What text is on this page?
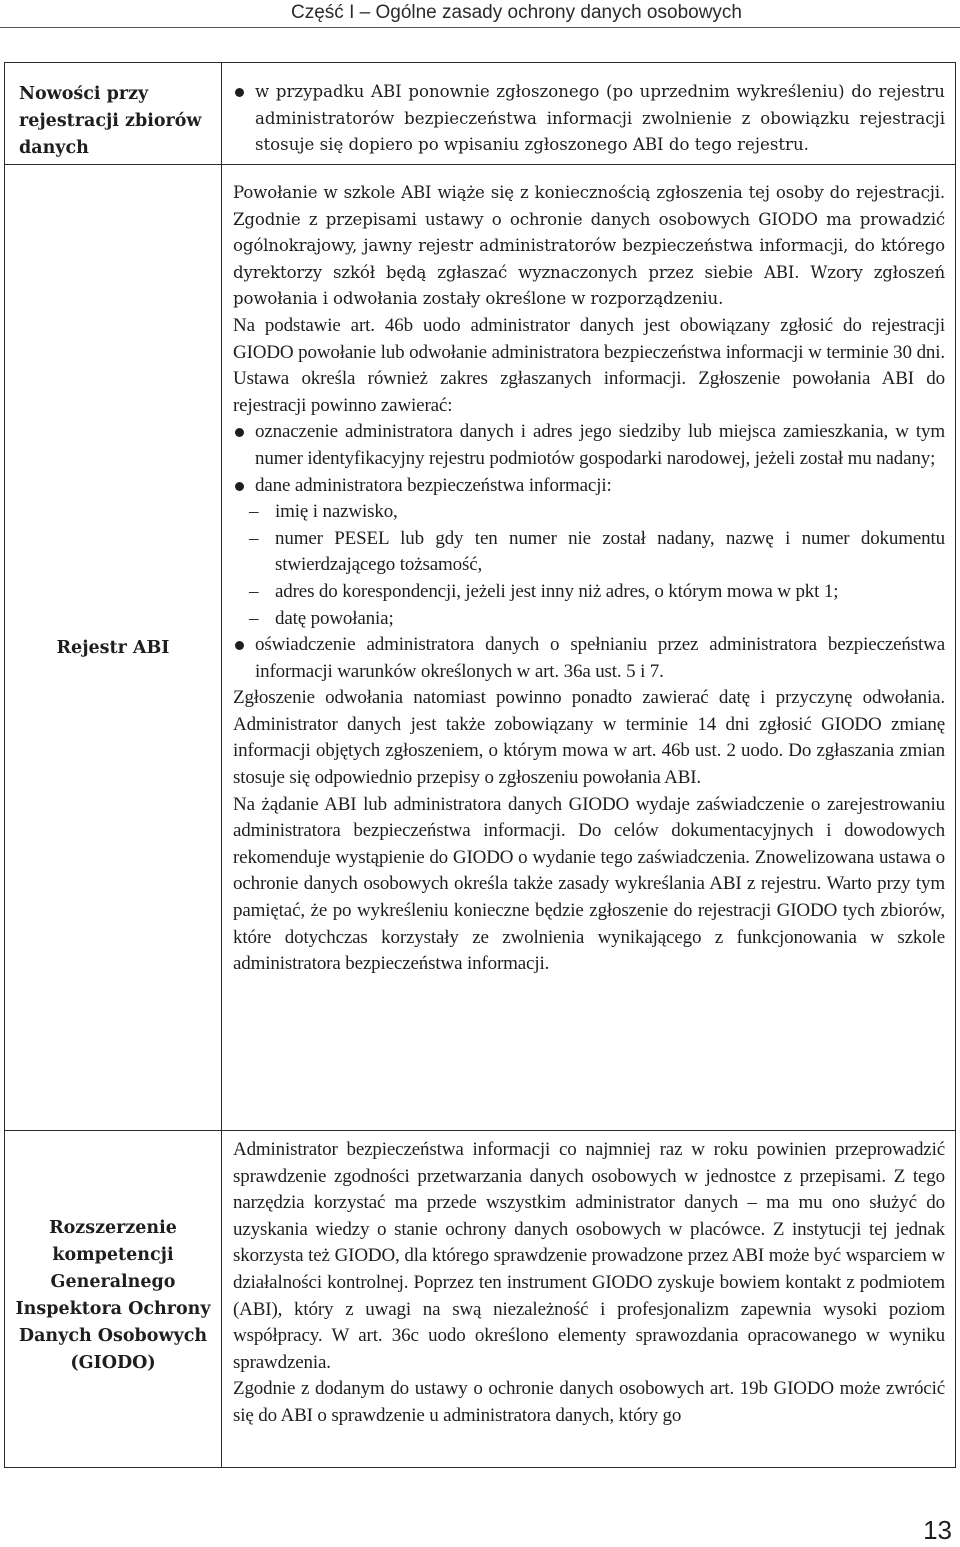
Część I – Ogólne zasady ochrony danych osobowych
Nowości przy rejestracji zbiorów danych
w przypadku ABI ponownie zgłoszonego (po uprzednim wykreśleniu) do rejestru administratorów bezpieczeństwa informacji zwolnienie z obowiązku rejestracji stosuje się dopiero po wpisaniu zgłoszonego ABI do tego rejestru.
Rejestr ABI

Powołanie w szkole ABI wiąże się z koniecznością zgłoszenia tej osoby do rejestracji. Zgodnie z przepisami ustawy o ochronie danych osobowych GIODO ma prowadzić ogólnokrajowy, jawny rejestr administratorów bezpieczeństwa informacji, do którego dyrektorzy szkół będą zgłaszać wyznaczonych przez siebie ABI. Wzory zgłoszeń powołania i odwołania zostały określone w rozporządzeniu.

Na podstawie art. 46b uodo administrator danych jest obowiązany zgłosić do rejestracji GIODO powołanie lub odwołanie administratora bezpieczeństwa informacji w terminie 30 dni. Ustawa określa również zakres zgłaszanych informacji. Zgłoszenie powołania ABI do rejestracji powinno zawierać:

oznaczenie administratora danych i adres jego siedziby lub miejsca zamieszkania, w tym numer identyfikacyjny rejestru podmiotów gospodarki narodowej, jeżeli został mu nadany;
dane administratora bezpieczeństwa informacji:
– imię i nazwisko,
– numer PESEL lub gdy ten numer nie został nadany, nazwę i numer dokumentu stwierdzającego tożsamość,
– adres do korespondencji, jeżeli jest inny niż adres, o którym mowa w pkt 1;
– datę powołania;
oświadczenie administratora danych o spełnianiu przez administratora bezpieczeństwa informacji warunków określonych w art. 36a ust. 5 i 7.

Zgłoszenie odwołania natomiast powinno ponadto zawierać datę i przyczynę odwołania. Administrator danych jest także zobowiązany w terminie 14 dni zgłosić GIODO zmianę informacji objętych zgłoszeniem, o którym mowa w art. 46b ust. 2 uodo. Do zgłaszania zmian stosuje się odpowiednio przepisy o zgłoszeniu powołania ABI.

Na żądanie ABI lub administratora danych GIODO wydaje zaświadczenie o zarejestrowaniu administratora bezpieczeństwa informacji. Do celów dokumentacyjnych i dowodowych rekomenduje wystąpienie do GIODO o wydanie tego zaświadczenia. Znowelizowana ustawa o ochronie danych osobowych określa także zasady wykreślania ABI z rejestru. Warto przy tym pamiętać, że po wykreśleniu konieczne będzie zgłoszenie do rejestracji GIODO tych zbiorów, które dotychczas korzystały ze zwolnienia wynikającego z funkcjonowania w szkole administratora bezpieczeństwa informacji.

Rozszerzenie kompetencji Generalnego Inspektora Ochrony Danych Osobowych (GIODO)

Administrator bezpieczeństwa informacji co najmniej raz w roku powinien przeprowadzić sprawdzenie zgodności przetwarzania danych osobowych w jednostce z przepisami. Z tego narzędzia korzystać ma przede wszystkim administrator danych – ma mu ono służyć do uzyskania wiedzy o stanie ochrony danych osobowych w placówce. Z instytucji tej jednak skorzysta też GIODO, dla którego sprawdzenie prowadzone przez ABI może być wsparciem w działalności kontrolnej. Poprzez ten instrument GIODO zyskuje bowiem kontakt z podmiotem (ABI), który z uwagi na swą niezależność i profesjonalizm zapewnia wysoki poziom współpracy. W art. 36c uodo określono elementy sprawozdania opracowanego w wyniku sprawdzenia.

Zgodnie z dodanym do ustawy o ochronie danych osobowych art. 19b GIODO może zwrócić się do ABI o sprawdzenie u administratora danych, który go

13
